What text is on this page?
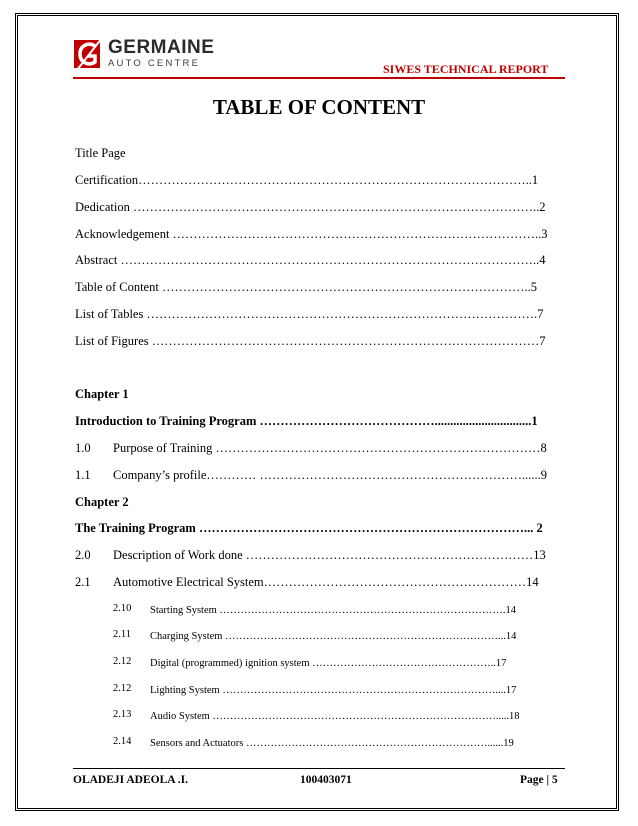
GERMAINE
AUTO CENTRE	SIWES TECHNICAL REPORT
TABLE OF CONTENT
Title Page
Certification…………………………………………………………………………………..1
Dedication ……………………………………………………………………………………..2
Acknowledgement ……………………………………………………………………………..3
Abstract ………………………………………………………………………………………..4
Table of Content ……………………………………………………………………………..5
List of Tables ………………………………………………………………………………….7
List of Figures …………………………………………………………………………………7
Chapter 1
Introduction to Training Program ……………………………………...............................1
1.0 Purpose of Training ……………………………………………………………………8
1.1 Company’s profile………… ………………………………………………………......9
Chapter 2
The Training Program ……………………………………………………………………... 2
2.0 Description of Work done ……………………………………………………………13
2.1 Automotive Electrical System………………………………………………………14
2.10 Starting System ……………………………………………………………………….14
2.11 Charging System ……………………………………………………………………...14
2.12 Digital (programmed) ignition system ……………………………………………..17
2.12 Lighting System ……………………………………………………………………....17
2.13 Audio System ……………………………………………………………………….....18
2.14 Sensors and Actuators ……………………………………………………………......19
OLADEJI ADEOLA .I.	100403071	Page | 5
